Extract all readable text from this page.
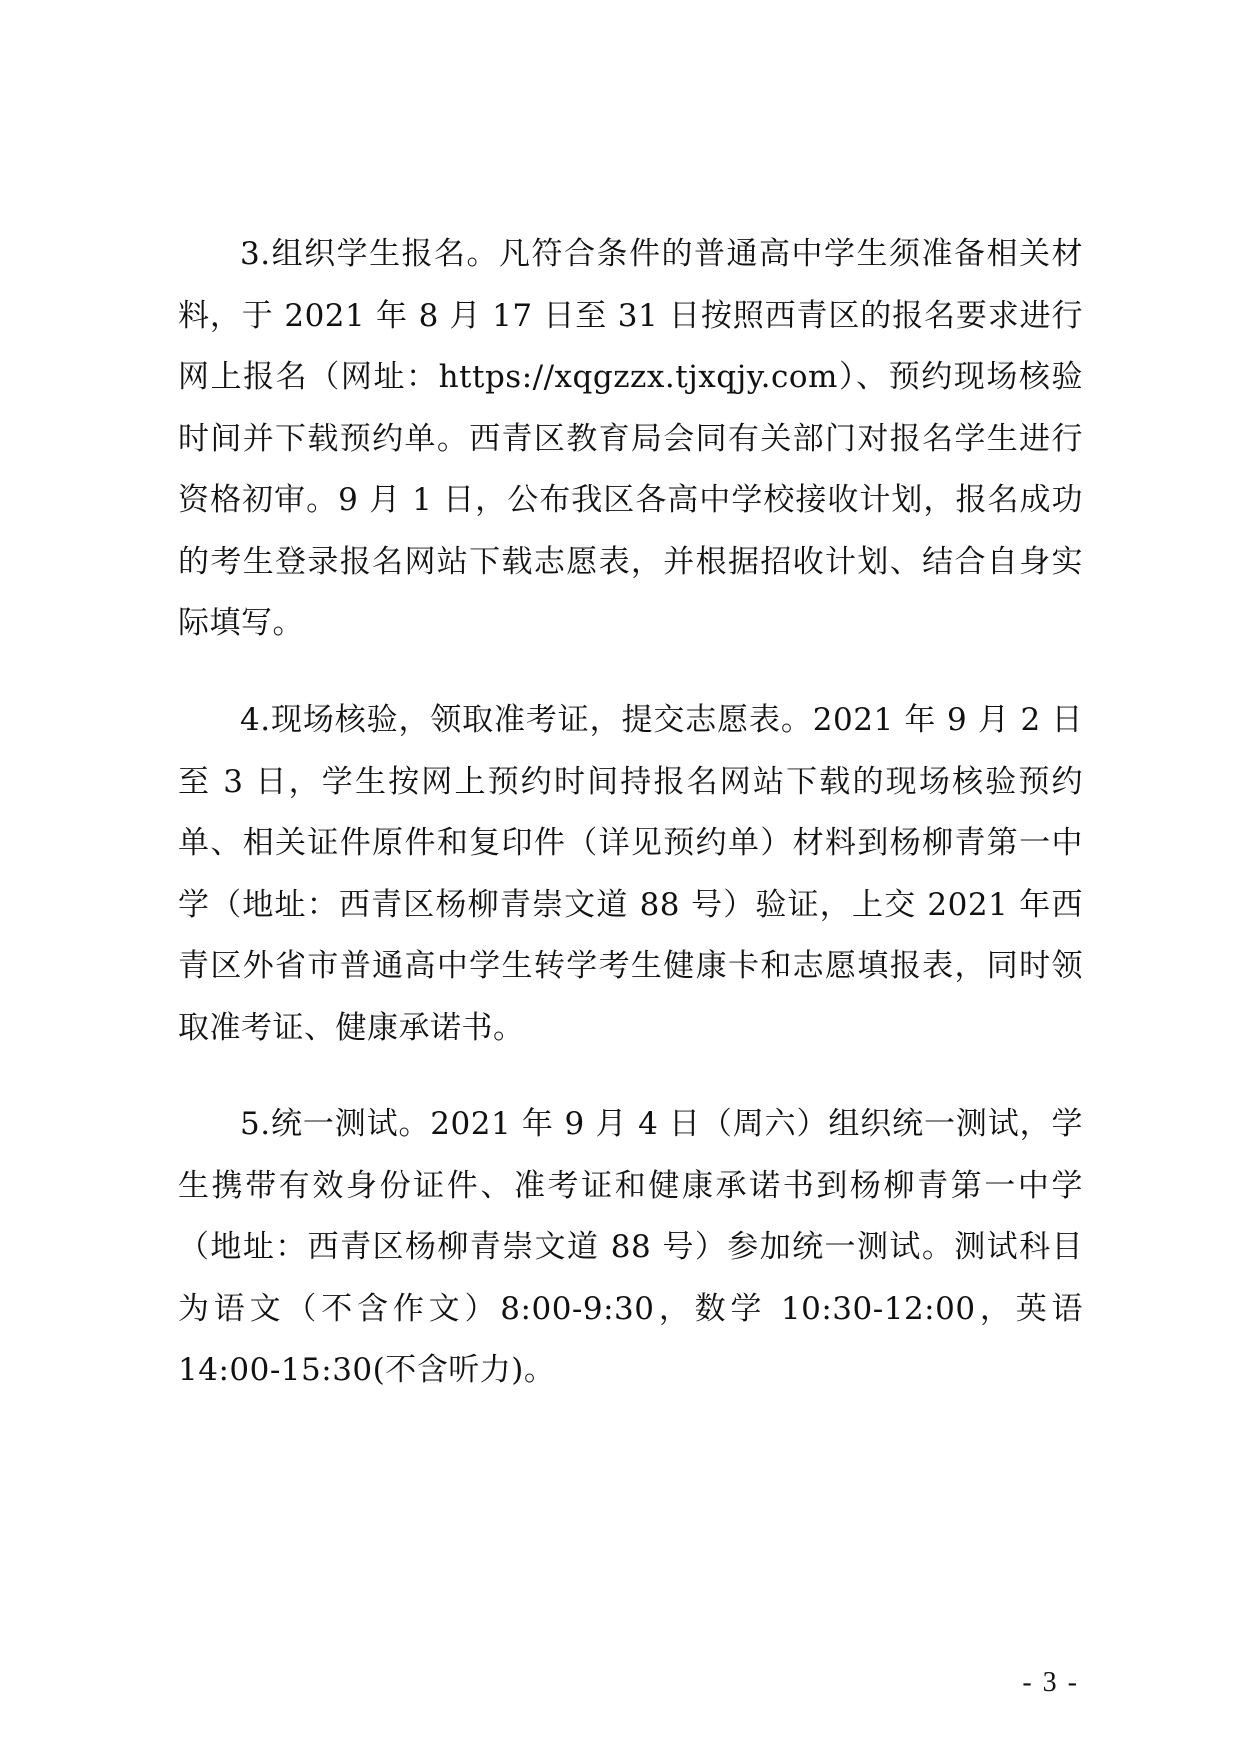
3.组织学生报名。凡符合条件的普通高中学生须准备相关材料，于 2021 年 8 月 17 日至 31 日按照西青区的报名要求进行网上报名（网址：https://xqgzzx.tjxqjy.com）、预约现场核验时间并下载预约单。西青区教育局会同有关部门对报名学生进行资格初审。9 月 1 日，公布我区各高中学校接收计划，报名成功的考生登录报名网站下载志愿表，并根据招收计划、结合自身实际填写。

4.现场核验，领取准考证，提交志愿表。2021 年 9 月 2 日至 3 日，学生按网上预约时间持报名网站下载的现场核验预约单、相关证件原件和复印件（详见预约单）材料到杨柳青第一中学（地址：西青区杨柳青崇文道 88 号）验证，上交 2021 年西青区外省市普通高中学生转学考生健康卡和志愿填报表，同时领取准考证、健康承诺书。

5.统一测试。2021 年 9 月 4 日（周六）组织统一测试，学生携带有效身份证件、准考证和健康承诺书到杨柳青第一中学（地址：西青区杨柳青崇文道 88 号）参加统一测试。测试科目为语文（不含作文）8:00-9:30，数学 10:30-12:00，英语 14:00-15:30(不含听力)。

- 3 -
